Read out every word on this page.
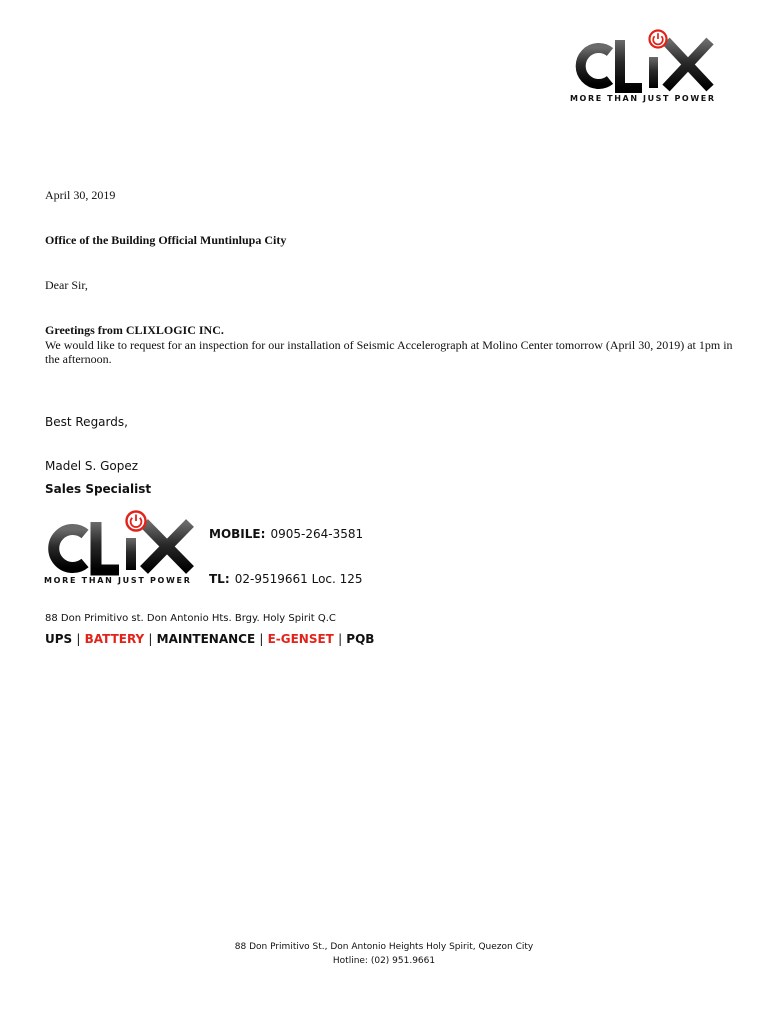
MORE THAN JUST POWER
April 30, 2019
Office of the Building Official Muntinlupa City
Dear Sir,
Greetings from CLIXLOGIC INC.
We would like to request for an inspection for our installation of Seismic Accelerograph at Molino Center tomorrow (April 30, 2019) at 1pm in the afternoon.
Best Regards,
Madel S. Gopez
Sales Specialist
MORE THAN JUST POWER
MOBILE: 0905-264-3581
TL: 02-9519661 Loc. 125
88 Don Primitivo st. Don Antonio Hts. Brgy. Holy Spirit Q.C
UPS | BATTERY | MAINTENANCE | E-GENSET | PQB
88 Don Primitivo St., Don Antonio Heights Holy Spirit, Quezon City
Hotline: (02) 951.9661
